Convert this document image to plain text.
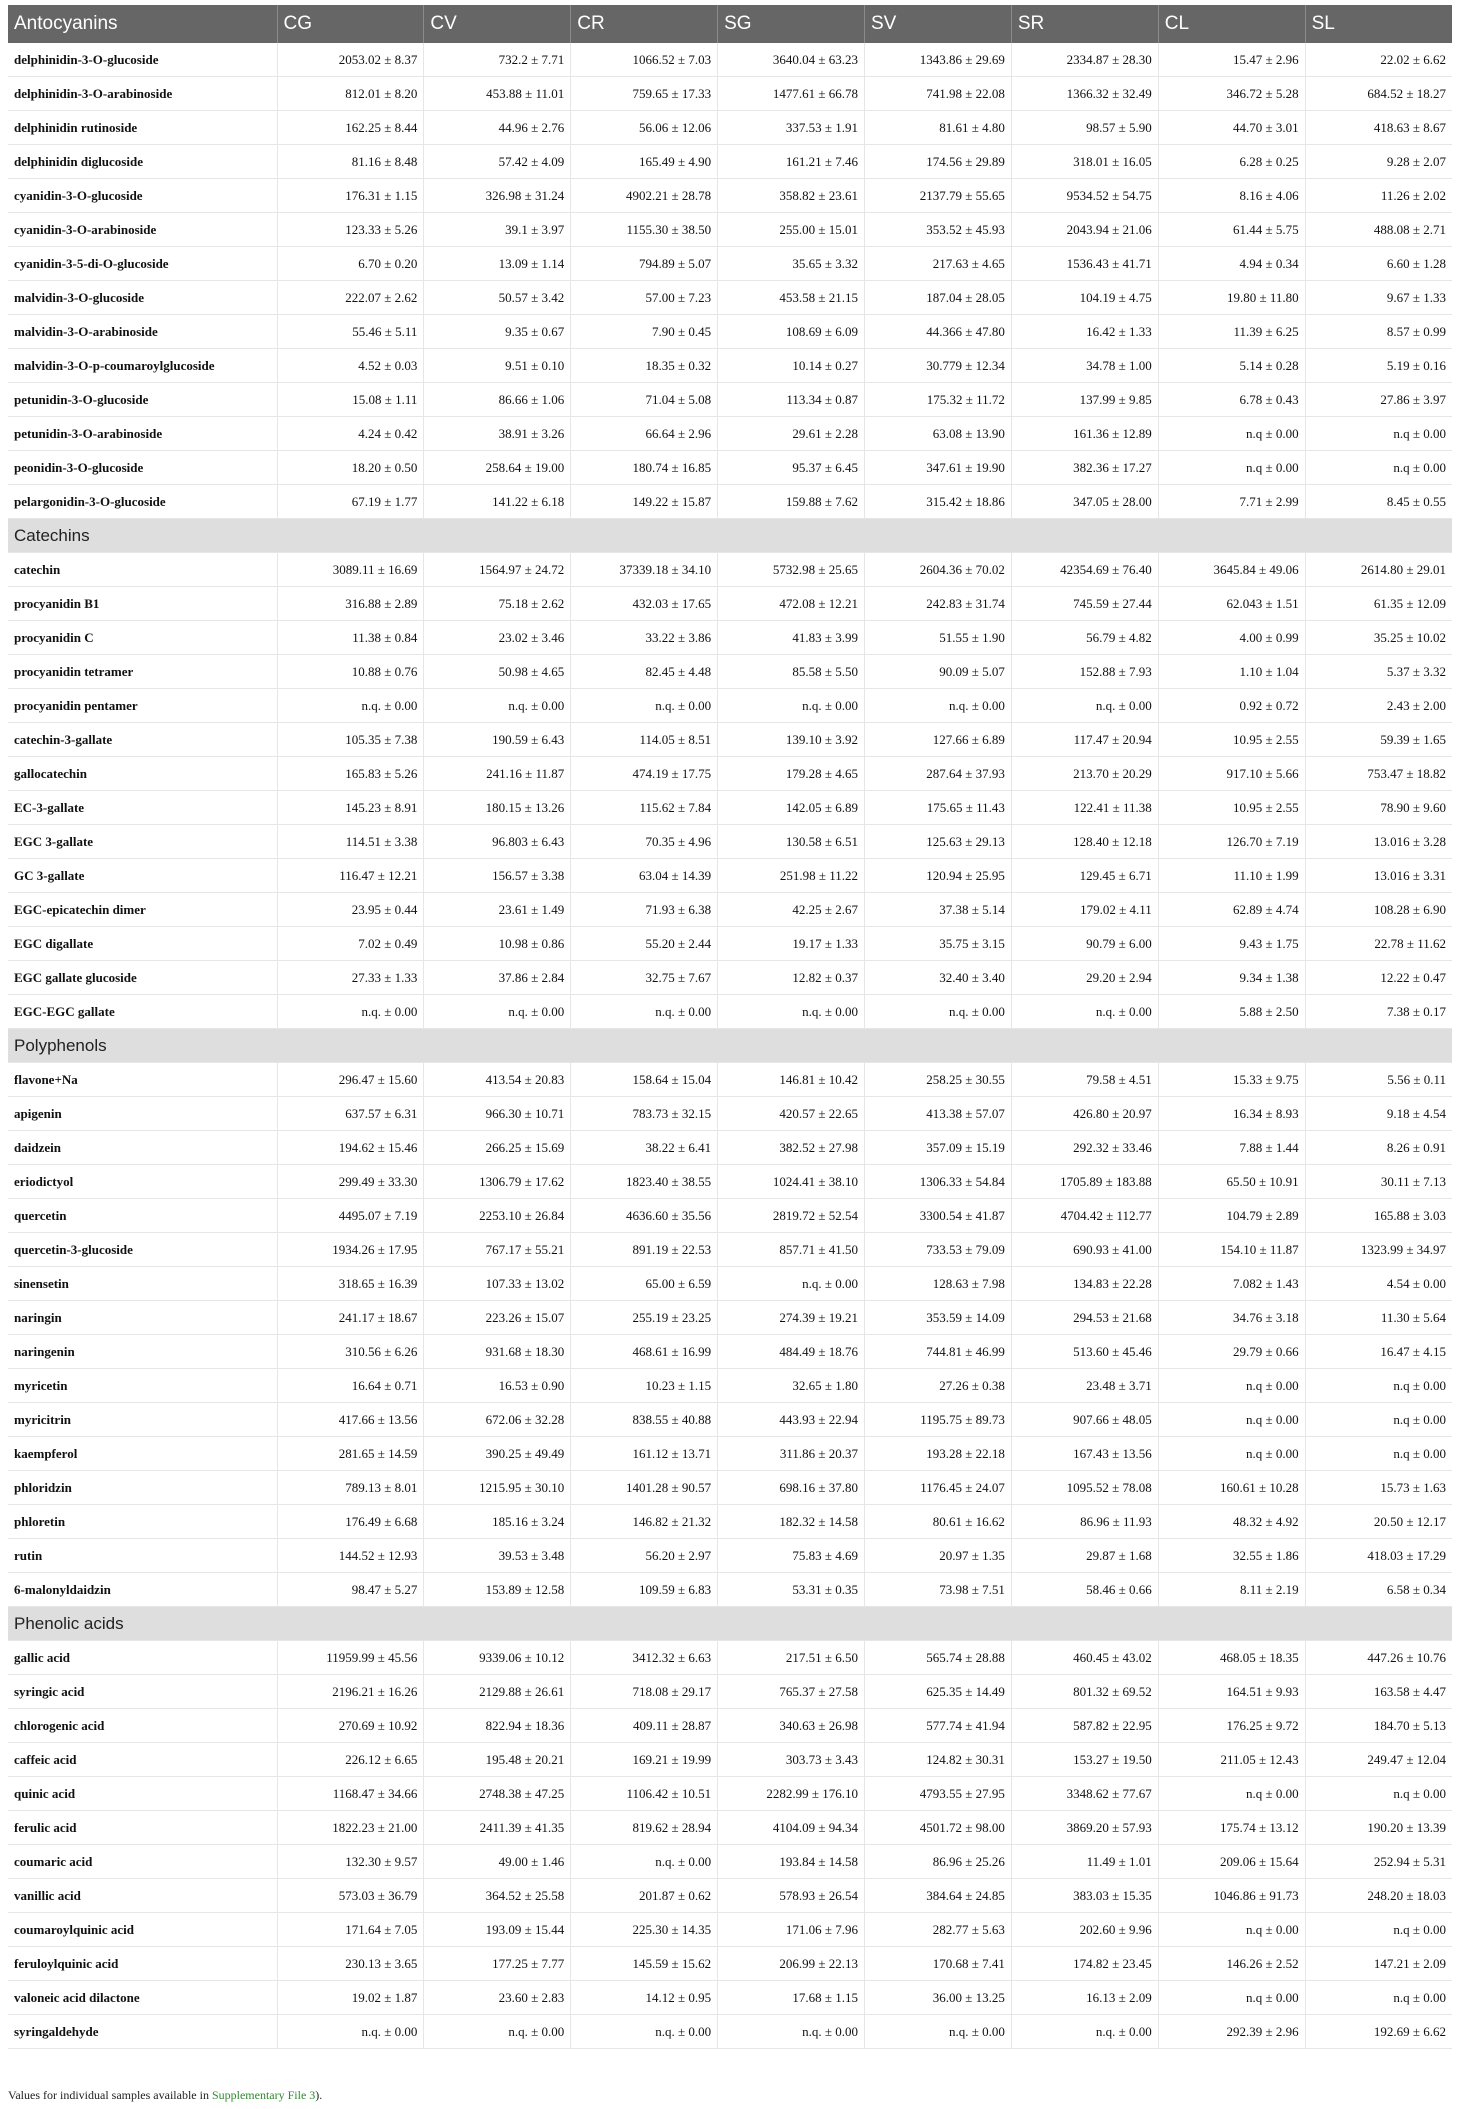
Antocyanins	CG	CV	CR	SG	SV	SR	CL	SL
delphinidin-3-O-glucoside	2053.02 ± 8.37	732.2 ± 7.71	1066.52 ± 7.03	3640.04 ± 63.23	1343.86 ± 29.69	2334.87 ± 28.30	15.47 ± 2.96	22.02 ± 6.62
delphinidin-3-O-arabinoside	812.01 ± 8.20	453.88 ± 11.01	759.65 ± 17.33	1477.61 ± 66.78	741.98 ± 22.08	1366.32 ± 32.49	346.72 ± 5.28	684.52 ± 18.27
delphinidin rutinoside	162.25 ± 8.44	44.96 ± 2.76	56.06 ± 12.06	337.53 ± 1.91	81.61 ± 4.80	98.57 ± 5.90	44.70 ± 3.01	418.63 ± 8.67
delphinidin diglucoside	81.16 ± 8.48	57.42 ± 4.09	165.49 ± 4.90	161.21 ± 7.46	174.56 ± 29.89	318.01 ± 16.05	6.28 ± 0.25	9.28 ± 2.07
cyanidin-3-O-glucoside	176.31 ± 1.15	326.98 ± 31.24	4902.21 ± 28.78	358.82 ± 23.61	2137.79 ± 55.65	9534.52 ± 54.75	8.16 ± 4.06	11.26 ± 2.02
cyanidin-3-O-arabinoside	123.33 ± 5.26	39.1 ± 3.97	1155.30 ± 38.50	255.00 ± 15.01	353.52 ± 45.93	2043.94 ± 21.06	61.44 ± 5.75	488.08 ± 2.71
cyanidin-3-5-di-O-glucoside	6.70 ± 0.20	13.09 ± 1.14	794.89 ± 5.07	35.65 ± 3.32	217.63 ± 4.65	1536.43 ± 41.71	4.94 ± 0.34	6.60 ± 1.28
malvidin-3-O-glucoside	222.07 ± 2.62	50.57 ± 3.42	57.00 ± 7.23	453.58 ± 21.15	187.04 ± 28.05	104.19 ± 4.75	19.80 ± 11.80	9.67 ± 1.33
malvidin-3-O-arabinoside	55.46 ± 5.11	9.35 ± 0.67	7.90 ± 0.45	108.69 ± 6.09	44.366 ± 47.80	16.42 ± 1.33	11.39 ± 6.25	8.57 ± 0.99
malvidin-3-O-p-coumaroylglucoside	4.52 ± 0.03	9.51 ± 0.10	18.35 ± 0.32	10.14 ± 0.27	30.779 ± 12.34	34.78 ± 1.00	5.14 ± 0.28	5.19 ± 0.16
petunidin-3-O-glucoside	15.08 ± 1.11	86.66 ± 1.06	71.04 ± 5.08	113.34 ± 0.87	175.32 ± 11.72	137.99 ± 9.85	6.78 ± 0.43	27.86 ± 3.97
petunidin-3-O-arabinoside	4.24 ± 0.42	38.91 ± 3.26	66.64 ± 2.96	29.61 ± 2.28	63.08 ± 13.90	161.36 ± 12.89	n.q ± 0.00	n.q ± 0.00
peonidin-3-O-glucoside	18.20 ± 0.50	258.64 ± 19.00	180.74 ± 16.85	95.37 ± 6.45	347.61 ± 19.90	382.36 ± 17.27	n.q ± 0.00	n.q ± 0.00
pelargonidin-3-O-glucoside	67.19 ± 1.77	141.22 ± 6.18	149.22 ± 15.87	159.88 ± 7.62	315.42 ± 18.86	347.05 ± 28.00	7.71 ± 2.99	8.45 ± 0.55
Catechins								
catechin	3089.11 ± 16.69	1564.97 ± 24.72	37339.18 ± 34.10	5732.98 ± 25.65	2604.36 ± 70.02	42354.69 ± 76.40	3645.84 ± 49.06	2614.80 ± 29.01
procyanidin B1	316.88 ± 2.89	75.18 ± 2.62	432.03 ± 17.65	472.08 ± 12.21	242.83 ± 31.74	745.59 ± 27.44	62.043 ± 1.51	61.35 ± 12.09
procyanidin C	11.38 ± 0.84	23.02 ± 3.46	33.22 ± 3.86	41.83 ± 3.99	51.55 ± 1.90	56.79 ± 4.82	4.00 ± 0.99	35.25 ± 10.02
procyanidin tetramer	10.88 ± 0.76	50.98 ± 4.65	82.45 ± 4.48	85.58 ± 5.50	90.09 ± 5.07	152.88 ± 7.93	1.10 ± 1.04	5.37 ± 3.32
procyanidin pentamer	n.q. ± 0.00	n.q. ± 0.00	n.q. ± 0.00	n.q. ± 0.00	n.q. ± 0.00	n.q. ± 0.00	0.92 ± 0.72	2.43 ± 2.00
catechin-3-gallate	105.35 ± 7.38	190.59 ± 6.43	114.05 ± 8.51	139.10 ± 3.92	127.66 ± 6.89	117.47 ± 20.94	10.95 ± 2.55	59.39 ± 1.65
gallocatechin	165.83 ± 5.26	241.16 ± 11.87	474.19 ± 17.75	179.28 ± 4.65	287.64 ± 37.93	213.70 ± 20.29	917.10 ± 5.66	753.47 ± 18.82
EC-3-gallate	145.23 ± 8.91	180.15 ± 13.26	115.62 ± 7.84	142.05 ± 6.89	175.65 ± 11.43	122.41 ± 11.38	10.95 ± 2.55	78.90 ± 9.60
EGC 3-gallate	114.51 ± 3.38	96.803 ± 6.43	70.35 ± 4.96	130.58 ± 6.51	125.63 ± 29.13	128.40 ± 12.18	126.70 ± 7.19	13.016 ± 3.28
GC 3-gallate	116.47 ± 12.21	156.57 ± 3.38	63.04 ± 14.39	251.98 ± 11.22	120.94 ± 25.95	129.45 ± 6.71	11.10 ± 1.99	13.016 ± 3.31
EGC-epicatechin dimer	23.95 ± 0.44	23.61 ± 1.49	71.93 ± 6.38	42.25 ± 2.67	37.38 ± 5.14	179.02 ± 4.11	62.89 ± 4.74	108.28 ± 6.90
EGC digallate	7.02 ± 0.49	10.98 ± 0.86	55.20 ± 2.44	19.17 ± 1.33	35.75 ± 3.15	90.79 ± 6.00	9.43 ± 1.75	22.78 ± 11.62
EGC gallate glucoside	27.33 ± 1.33	37.86 ± 2.84	32.75 ± 7.67	12.82 ± 0.37	32.40 ± 3.40	29.20 ± 2.94	9.34 ± 1.38	12.22 ± 0.47
EGC-EGC gallate	n.q. ± 0.00	n.q. ± 0.00	n.q. ± 0.00	n.q. ± 0.00	n.q. ± 0.00	n.q. ± 0.00	5.88 ± 2.50	7.38 ± 0.17
Polyphenols								
flavone+Na	296.47 ± 15.60	413.54 ± 20.83	158.64 ± 15.04	146.81 ± 10.42	258.25 ± 30.55	79.58 ± 4.51	15.33 ± 9.75	5.56 ± 0.11
apigenin	637.57 ± 6.31	966.30 ± 10.71	783.73 ± 32.15	420.57 ± 22.65	413.38 ± 57.07	426.80 ± 20.97	16.34 ± 8.93	9.18 ± 4.54
daidzein	194.62 ± 15.46	266.25 ± 15.69	38.22 ± 6.41	382.52 ± 27.98	357.09 ± 15.19	292.32 ± 33.46	7.88 ± 1.44	8.26 ± 0.91
eriodictyol	299.49 ± 33.30	1306.79 ± 17.62	1823.40 ± 38.55	1024.41 ± 38.10	1306.33 ± 54.84	1705.89 ± 183.88	65.50 ± 10.91	30.11 ± 7.13
quercetin	4495.07 ± 7.19	2253.10 ± 26.84	4636.60 ± 35.56	2819.72 ± 52.54	3300.54 ± 41.87	4704.42 ± 112.77	104.79 ± 2.89	165.88 ± 3.03
quercetin-3-glucoside	1934.26 ± 17.95	767.17 ± 55.21	891.19 ± 22.53	857.71 ± 41.50	733.53 ± 79.09	690.93 ± 41.00	154.10 ± 11.87	1323.99 ± 34.97
sinensetin	318.65 ± 16.39	107.33 ± 13.02	65.00 ± 6.59	n.q. ± 0.00	128.63 ± 7.98	134.83 ± 22.28	7.082 ± 1.43	4.54 ± 0.00
naringin	241.17 ± 18.67	223.26 ± 15.07	255.19 ± 23.25	274.39 ± 19.21	353.59 ± 14.09	294.53 ± 21.68	34.76 ± 3.18	11.30 ± 5.64
naringenin	310.56 ± 6.26	931.68 ± 18.30	468.61 ± 16.99	484.49 ± 18.76	744.81 ± 46.99	513.60 ± 45.46	29.79 ± 0.66	16.47 ± 4.15
myricetin	16.64 ± 0.71	16.53 ± 0.90	10.23 ± 1.15	32.65 ± 1.80	27.26 ± 0.38	23.48 ± 3.71	n.q ± 0.00	n.q ± 0.00
myricitrin	417.66 ± 13.56	672.06 ± 32.28	838.55 ± 40.88	443.93 ± 22.94	1195.75 ± 89.73	907.66 ± 48.05	n.q ± 0.00	n.q ± 0.00
kaempferol	281.65 ± 14.59	390.25 ± 49.49	161.12 ± 13.71	311.86 ± 20.37	193.28 ± 22.18	167.43 ± 13.56	n.q ± 0.00	n.q ± 0.00
phloridzin	789.13 ± 8.01	1215.95 ± 30.10	1401.28 ± 90.57	698.16 ± 37.80	1176.45 ± 24.07	1095.52 ± 78.08	160.61 ± 10.28	15.73 ± 1.63
phloretin	176.49 ± 6.68	185.16 ± 3.24	146.82 ± 21.32	182.32 ± 14.58	80.61 ± 16.62	86.96 ± 11.93	48.32 ± 4.92	20.50 ± 12.17
rutin	144.52 ± 12.93	39.53 ± 3.48	56.20 ± 2.97	75.83 ± 4.69	20.97 ± 1.35	29.87 ± 1.68	32.55 ± 1.86	418.03 ± 17.29
6-malonyldaidzin	98.47 ± 5.27	153.89 ± 12.58	109.59 ± 6.83	53.31 ± 0.35	73.98 ± 7.51	58.46 ± 0.66	8.11 ± 2.19	6.58 ± 0.34
Phenolic acids								
gallic acid	11959.99 ± 45.56	9339.06 ± 10.12	3412.32 ± 6.63	217.51 ± 6.50	565.74 ± 28.88	460.45 ± 43.02	468.05 ± 18.35	447.26 ± 10.76
syringic acid	2196.21 ± 16.26	2129.88 ± 26.61	718.08 ± 29.17	765.37 ± 27.58	625.35 ± 14.49	801.32 ± 69.52	164.51 ± 9.93	163.58 ± 4.47
chlorogenic acid	270.69 ± 10.92	822.94 ± 18.36	409.11 ± 28.87	340.63 ± 26.98	577.74 ± 41.94	587.82 ± 22.95	176.25 ± 9.72	184.70 ± 5.13
caffeic acid	226.12 ± 6.65	195.48 ± 20.21	169.21 ± 19.99	303.73 ± 3.43	124.82 ± 30.31	153.27 ± 19.50	211.05 ± 12.43	249.47 ± 12.04
quinic acid	1168.47 ± 34.66	2748.38 ± 47.25	1106.42 ± 10.51	2282.99 ± 176.10	4793.55 ± 27.95	3348.62 ± 77.67	n.q ± 0.00	n.q ± 0.00
ferulic acid	1822.23 ± 21.00	2411.39 ± 41.35	819.62 ± 28.94	4104.09 ± 94.34	4501.72 ± 98.00	3869.20 ± 57.93	175.74 ± 13.12	190.20 ± 13.39
coumaric acid	132.30 ± 9.57	49.00 ± 1.46	n.q. ± 0.00	193.84 ± 14.58	86.96 ± 25.26	11.49 ± 1.01	209.06 ± 15.64	252.94 ± 5.31
vanillic acid	573.03 ± 36.79	364.52 ± 25.58	201.87 ± 0.62	578.93 ± 26.54	384.64 ± 24.85	383.03 ± 15.35	1046.86 ± 91.73	248.20 ± 18.03
coumaroylquinic acid	171.64 ± 7.05	193.09 ± 15.44	225.30 ± 14.35	171.06 ± 7.96	282.77 ± 5.63	202.60 ± 9.96	n.q ± 0.00	n.q ± 0.00
feruloylquinic acid	230.13 ± 3.65	177.25 ± 7.77	145.59 ± 15.62	206.99 ± 22.13	170.68 ± 7.41	174.82 ± 23.45	146.26 ± 2.52	147.21 ± 2.09
valoneic acid dilactone	19.02 ± 1.87	23.60 ± 2.83	14.12 ± 0.95	17.68 ± 1.15	36.00 ± 13.25	16.13 ± 2.09	n.q ± 0.00	n.q ± 0.00
syringaldehyde	n.q. ± 0.00	n.q. ± 0.00	n.q. ± 0.00	n.q. ± 0.00	n.q. ± 0.00	n.q. ± 0.00	292.39 ± 2.96	192.69 ± 6.62
Values for individual samples available in Supplementary File 3).
